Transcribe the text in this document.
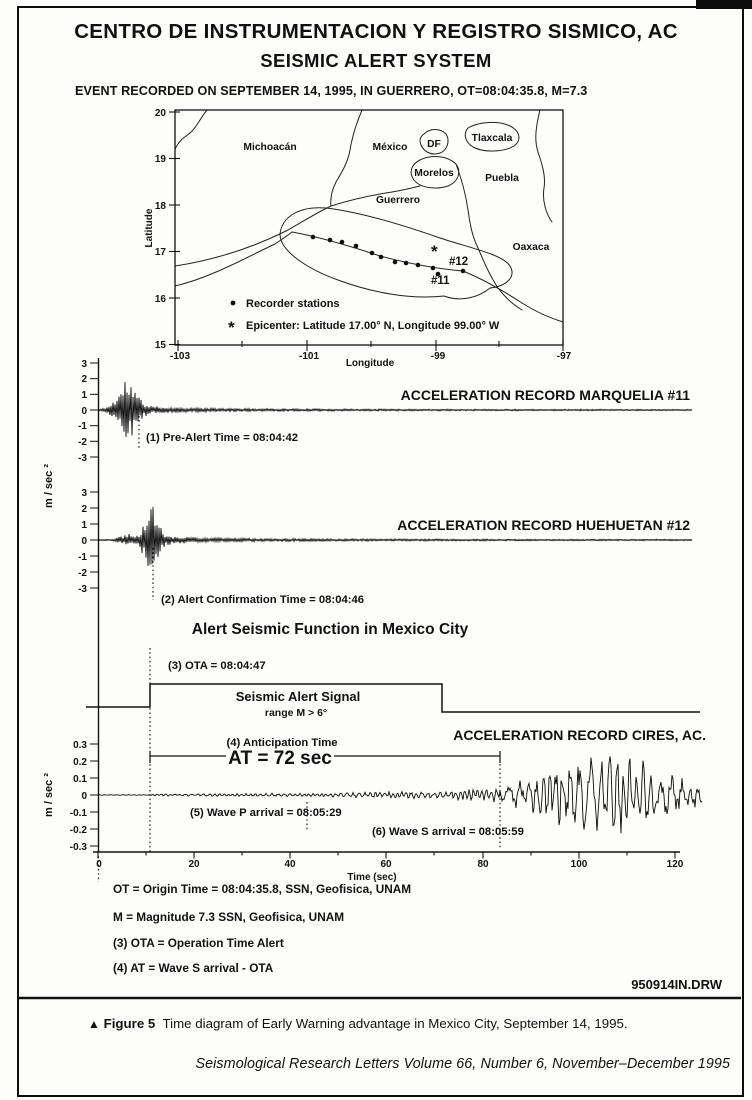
CENTRO DE INSTRUMENTACION Y REGISTRO SISMICO, AC
SEISMIC ALERT SYSTEM
EVENT RECORDED ON SEPTEMBER 14, 1995, IN GUERRERO, OT=08:04:35.8, M=7.3
*
#12
#11
Michoacán	México DF
Tlaxcala
Morelos	Puebla
Guerrero
Oaxaca
Recorder stations
* Epicenter: Latitude 17.00° N, Longitude 99.00° W
20
19
18
17
16
15
-103	-101	-99	-97
Latitude
Longitude
3
2
1
0
-1
-2
-3
ACCELERATION RECORD MARQUELIA #11
(1) Pre-Alert Time = 08:04:42
3
2
1
0
-1
-2
-3
ACCELERATION RECORD HUEHUETAN #12
(2) Alert Confirmation Time = 08:04:46
m / sec ²
m / sec ²
Alert Seismic Function in Mexico City
(3) OTA = 08:04:47
Seismic Alert Signal
range M > 6°
ACCELERATION RECORD CIRES, AC.
(4) Anticipation Time
AT = 72 sec
0.3
0.2
0.1
0
-0.1
-0.2
-0.3
(5) Wave P arrival = 08:05:29
(6) Wave S arrival = 08:05:59
0	20	40	60	80	100	120
Time (sec)
OT = Origin Time = 08:04:35.8, SSN, Geofisica, UNAM
M = Magnitude 7.3 SSN, Geofisica, UNAM
(3) OTA = Operation Time Alert
(4) AT = Wave S arrival - OTA
950914IN.DRW
▲ Figure 5 Time diagram of Early Warning advantage in Mexico City, September 14, 1995.
Seismological Research Letters Volume 66, Number 6, November–December 1995
